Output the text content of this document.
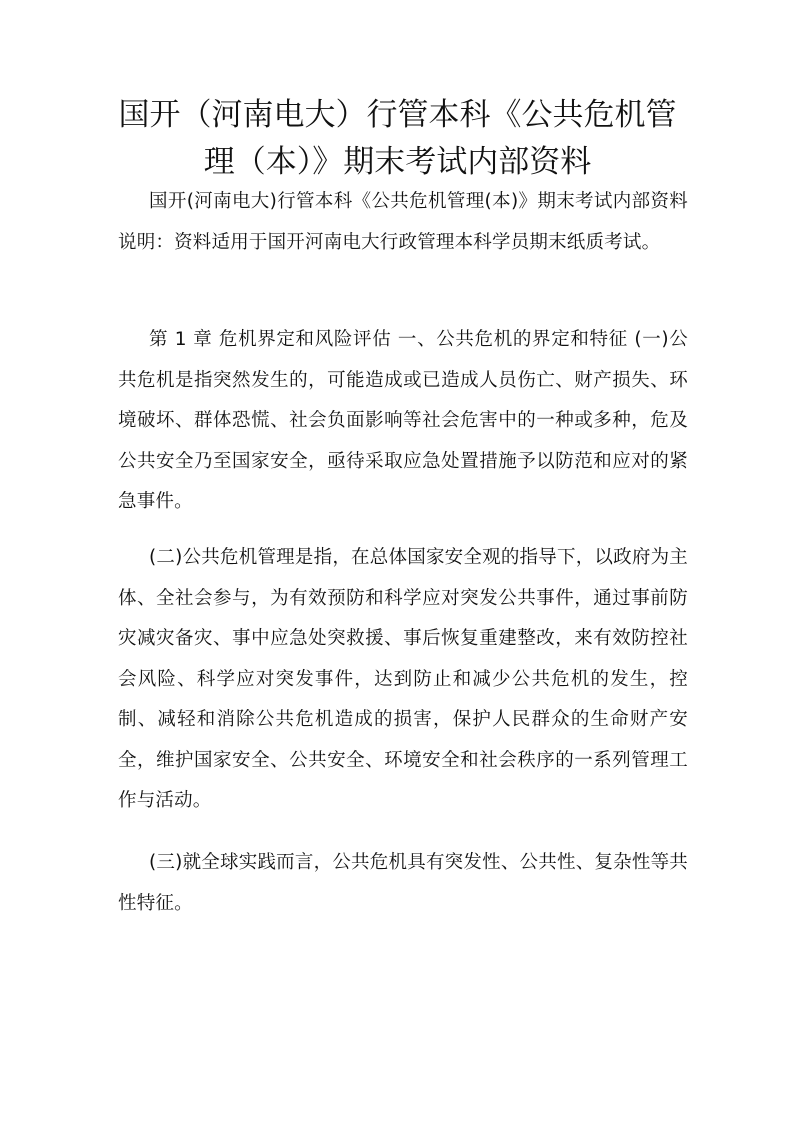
国开（河南电大）行管本科《公共危机管理（本）》期末考试内部资料

国开(河南电大)行管本科《公共危机管理(本)》期末考试内部资料 说明：资料适用于国开河南电大行政管理本科学员期末纸质考试。

第 1 章 危机界定和风险评估 一、公共危机的界定和特征 (一)公共危机是指突然发生的，可能造成或已造成人员伤亡、财产损失、环境破坏、群体恐慌、社会负面影响等社会危害中的一种或多种，危及公共安全乃至国家安全，亟待采取应急处置措施予以防范和应对的紧急事件。

(二)公共危机管理是指，在总体国家安全观的指导下，以政府为主体、全社会参与，为有效预防和科学应对突发公共事件，通过事前防灾减灾备灾、事中应急处突救援、事后恢复重建整改，来有效防控社会风险、科学应对突发事件，达到防止和减少公共危机的发生，控制、减轻和消除公共危机造成的损害，保护人民群众的生命财产安全，维护国家安全、公共安全、环境安全和社会秩序的一系列管理工作与活动。

(三)就全球实践而言，公共危机具有突发性、公共性、复杂性等共性特征。
